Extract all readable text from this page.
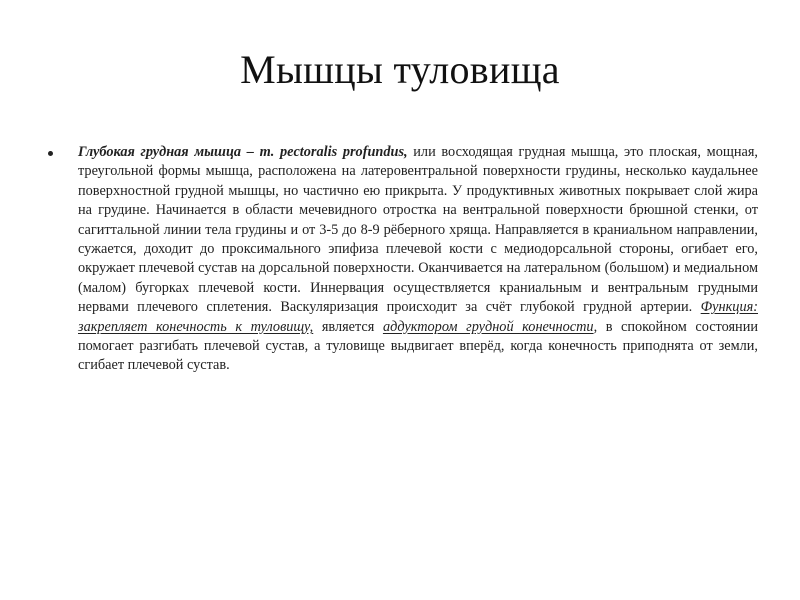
Мышцы туловища

Глубокая грудная мышца – m. pectoralis profundus, или восходящая грудная мышца, это плоская, мощная, треугольной формы мышца, расположена на латеровентральной поверхности грудины, несколько каудальнее поверхностной грудной мышцы, но частично ею прикрыта. У продуктивных животных покрывает слой жира на грудине. Начинается в области мечевидного отростка на вентральной поверхности брюшной стенки, от сагиттальной линии тела грудины и от 3-5 до 8-9 рёберного хряща. Направляется в краниальном направлении, сужается, доходит до проксимального эпифиза плечевой кости с медиодорсальной стороны, огибает его, окружает плечевой сустав на дорсальной поверхности. Оканчивается на латеральном (большом) и медиальном (малом) бугорках плечевой кости. Иннервация осуществляется краниальным и вентральным грудными нервами плечевого сплетения. Васкуляризация происходит за счёт глубокой грудной артерии. Функция: закрепляет конечность к туловищу, является аддуктором грудной конечности, в спокойном состоянии помогает разгибать плечевой сустав, а туловище выдвигает вперёд, когда конечность приподнята от земли, сгибает плечевой сустав.
